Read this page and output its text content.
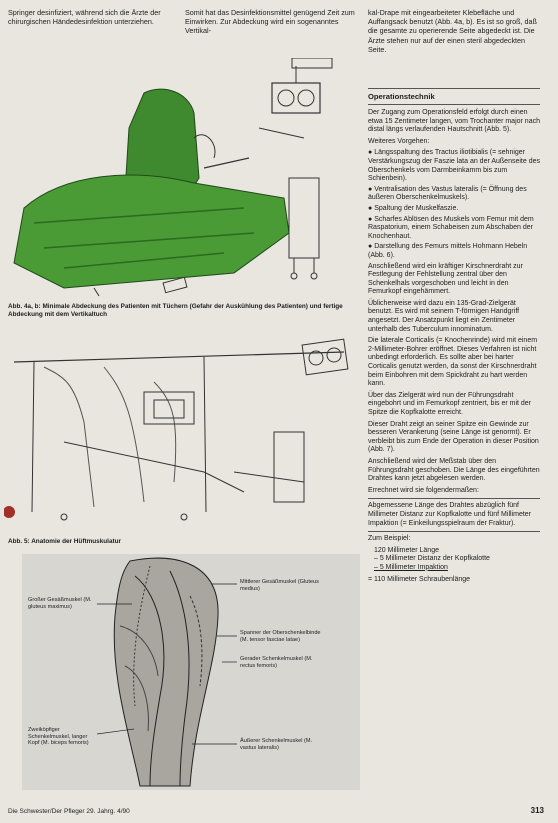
Springer desinfiziert, während sich die Ärzte der chirurgischen Händedesinfektion unterziehen.
Somit hat das Desinfektionsmittel genügend Zeit zum Einwirken. Zur Abdeckung wird ein sogenanntes Vertikal-
kal-Drape mit eingearbeiteter Klebefläche und Auffangsack benutzt (Abb. 4a, b). Es ist so groß, daß die gesamte zu operierende Seite abgedeckt ist. Die Ärzte stehen nur auf der einen steril abgedeckten Seite.
Abb. 4a, b: Minimale Abdeckung des Patienten mit Tüchern (Gefahr der Auskühlung des Patienten) und fertige Abdeckung mit dem Vertikaltuch
Abb. 5: Anatomie der Hüftmuskulatur
Großer Gesäßmuskel (M. gluteus maximus)
Zweiköpfiger Schenkelmuskel, langer Kopf (M. biceps femoris)
Mittlerer Gesäßmuskel (Gluteus medius)
Spanner der Oberschenkelbinde (M. tensor fasciae latae)
Gerader Schenkelmuskel (M. rectus femoris)
Äußerer Schenkelmuskel (M. vastus lateralis)
Operationstechnik

Der Zugang zum Operationsfeld erfolgt durch einen etwa 15 Zentimeter langen, vom Trochanter major nach distal längs verlaufenden Hautschnitt (Abb. 5).

Weiteres Vorgehen:

● Längsspaltung des Tractus iliotibialis (= sehniger Verstärkungszug der Faszie lata an der Außenseite des Oberschenkels vom Darmbeinkamm bis zum Schienbein).

● Ventralisation des Vastus lateralis (= Öffnung des äußeren Oberschenkelmuskels).

● Spaltung der Muskelfaszie.

● Scharfes Ablösen des Muskels vom Femur mit dem Raspatorium, einem Schabeisen zum Abschaben der Knochenhaut.

● Darstellung des Femurs mittels Hohmann Hebeln (Abb. 6).

Anschließend wird ein kräftiger Kirschnerdraht zur Festlegung der Fehlstellung zentral über den Schenkelhals vorgeschoben und leicht in den Femurkopf eingehämmert.

Üblicherweise wird dazu ein 135-Grad-Zielgerät benutzt. Es wird mit seinem T-förmigen Handgriff angesetzt. Der Ansatzpunkt liegt ein Zentimeter unterhalb des Tuberculum innominatum.

Die laterale Corticalis (= Knochenrinde) wird mit einem 2-Millimeter-Bohrer eröffnet. Dieses Verfahren ist nicht unbedingt erforderlich. Es sollte aber bei harter Corticalis genutzt werden, da sonst der Kirschnerdraht beim Einbohren mit dem Spickdraht zu hart werden kann.

Über das Zielgerät wird nun der Führungsdraht eingebohrt und im Femurkopf zentriert, bis er mit der Spitze die Kopfkalotte erreicht.

Dieser Draht zeigt an seiner Spitze ein Gewinde zur besseren Verankerung (seine Länge ist genormt). Er verbleibt bis zum Ende der Operation in dieser Position (Abb. 7).

Anschließend wird der Meßstab über den Führungsdraht geschoben. Die Länge des eingeführten Drahtes kann jetzt abgelesen werden.

Errechnet wird sie folgendermaßen:

Abgemessene Länge des Drahtes abzüglich fünf Millimeter Distanz zur Kopfkalotte und fünf Millimeter Impaktion (= Einkeilungsspielraum der Fraktur).

Zum Beispiel:

120 Millimeter Länge

– 5 Millimeter Distanz der Kopfkalotte

– 5 Millimeter Impaktion

= 110 Millimeter Schraubenlänge

Die Schwester/Der Pfleger 29. Jahrg. 4/90	313
